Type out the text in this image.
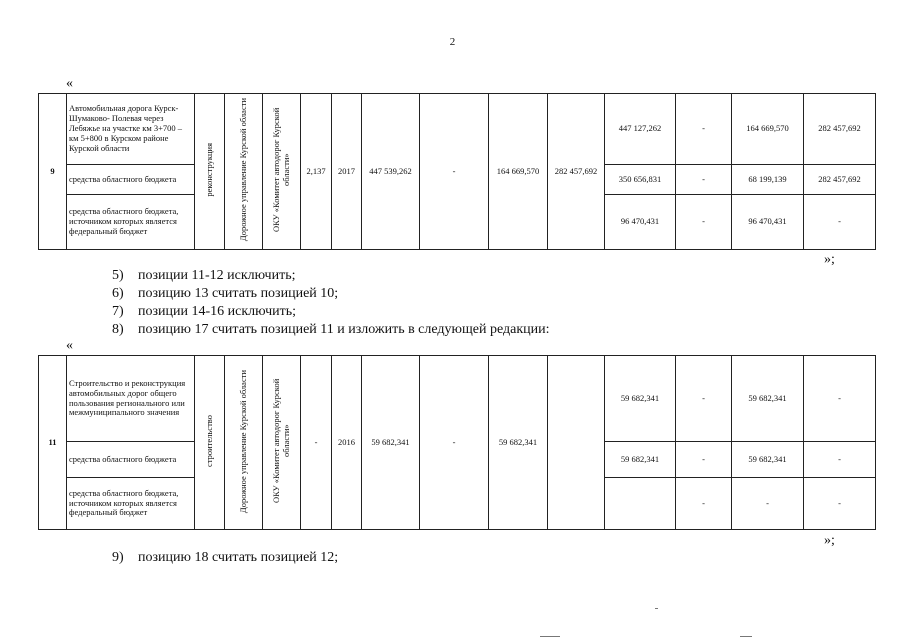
2
«
9	Автомобильная дорога Курск- Шумаково- Полевая через Лебяжье на участке км 3+700 – км 5+800 в Курском районе Курской области	реконструкция	Дорожное управление Курской области	ОКУ «Комитет автодорог Курской области»	2,137	2017	447 539,262	-	164 669,570	282 457,692	447 127,262	-	164 669,570	282 457,692
	средства областного бюджета										350 656,831	-	68 199,139	282 457,692
	средства областного бюджета, источником которых является федеральный бюджет										96 470,431	-	96 470,431	-
»;
5) позиции 11-12 исключить;
6) позицию 13 считать позицией 10;
7) позиции 14-16 исключить;
8) позицию 17 считать позицией 11 и изложить в следующей редакции:
«
11	Строительство и реконструкция автомобильных дорог общего пользования регионального или межмуниципального значения	строительство	Дорожное управление Курской области	ОКУ «Комитет автодорог Курской области»	-	2016	59 682,341	-	59 682,341		59 682,341	-	59 682,341	-
	средства областного бюджета										59 682,341	-	59 682,341	-
	средства областного бюджета, источником которых является федеральный бюджет											-	-	-
»;
9) позицию 18 считать позицией 12;
